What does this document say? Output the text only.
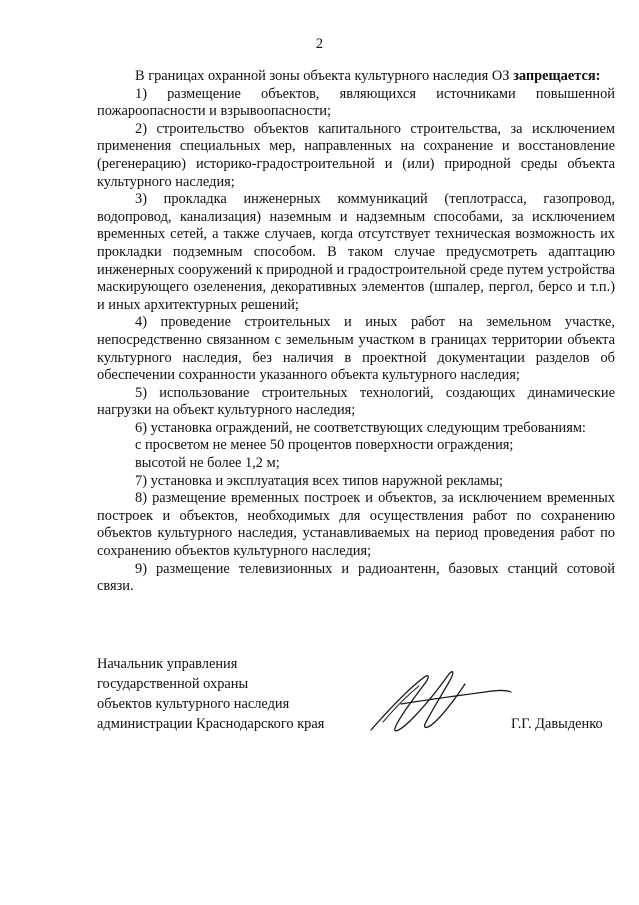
2

В границах охранной зоны объекта культурного наследия ОЗ запрещается:

1) размещение объектов, являющихся источниками повышенной пожароопасности и взрывоопасности;

2) строительство объектов капитального строительства, за исключением применения специальных мер, направленных на сохранение и восстановление (регенерацию) историко-градостроительной и (или) природной среды объекта культурного наследия;

3) прокладка инженерных коммуникаций (теплотрасса, газопровод, водопровод, канализация) наземным и надземным способами, за исключением временных сетей, а также случаев, когда отсутствует техническая возможность их прокладки подземным способом. В таком случае предусмотреть адаптацию инженерных сооружений к природной и градостроительной среде путем устройства маскирующего озеленения, декоративных элементов (шпалер, пергол, берсо и т.п.) и иных архитектурных решений;

4) проведение строительных и иных работ на земельном участке, непосредственно связанном с земельным участком в границах территории объекта культурного наследия, без наличия в проектной документации разделов об обеспечении сохранности указанного объекта культурного наследия;

5) использование строительных технологий, создающих динамические нагрузки на объект культурного наследия;

6) установка ограждений, не соответствующих следующим требованиям:

с просветом не менее 50 процентов поверхности ограждения;

высотой не более 1,2 м;

7) установка и эксплуатация всех типов наружной рекламы;

8) размещение временных построек и объектов, за исключением временных построек и объектов, необходимых для осуществления работ по сохранению объектов культурного наследия, устанавливаемых на период проведения работ по сохранению объектов культурного наследия;

9) размещение телевизионных и радиоантенн, базовых станций сотовой связи.

Начальник управления
государственной охраны
объектов культурного наследия
администрации Краснодарского края	Г.Г. Давыденко
